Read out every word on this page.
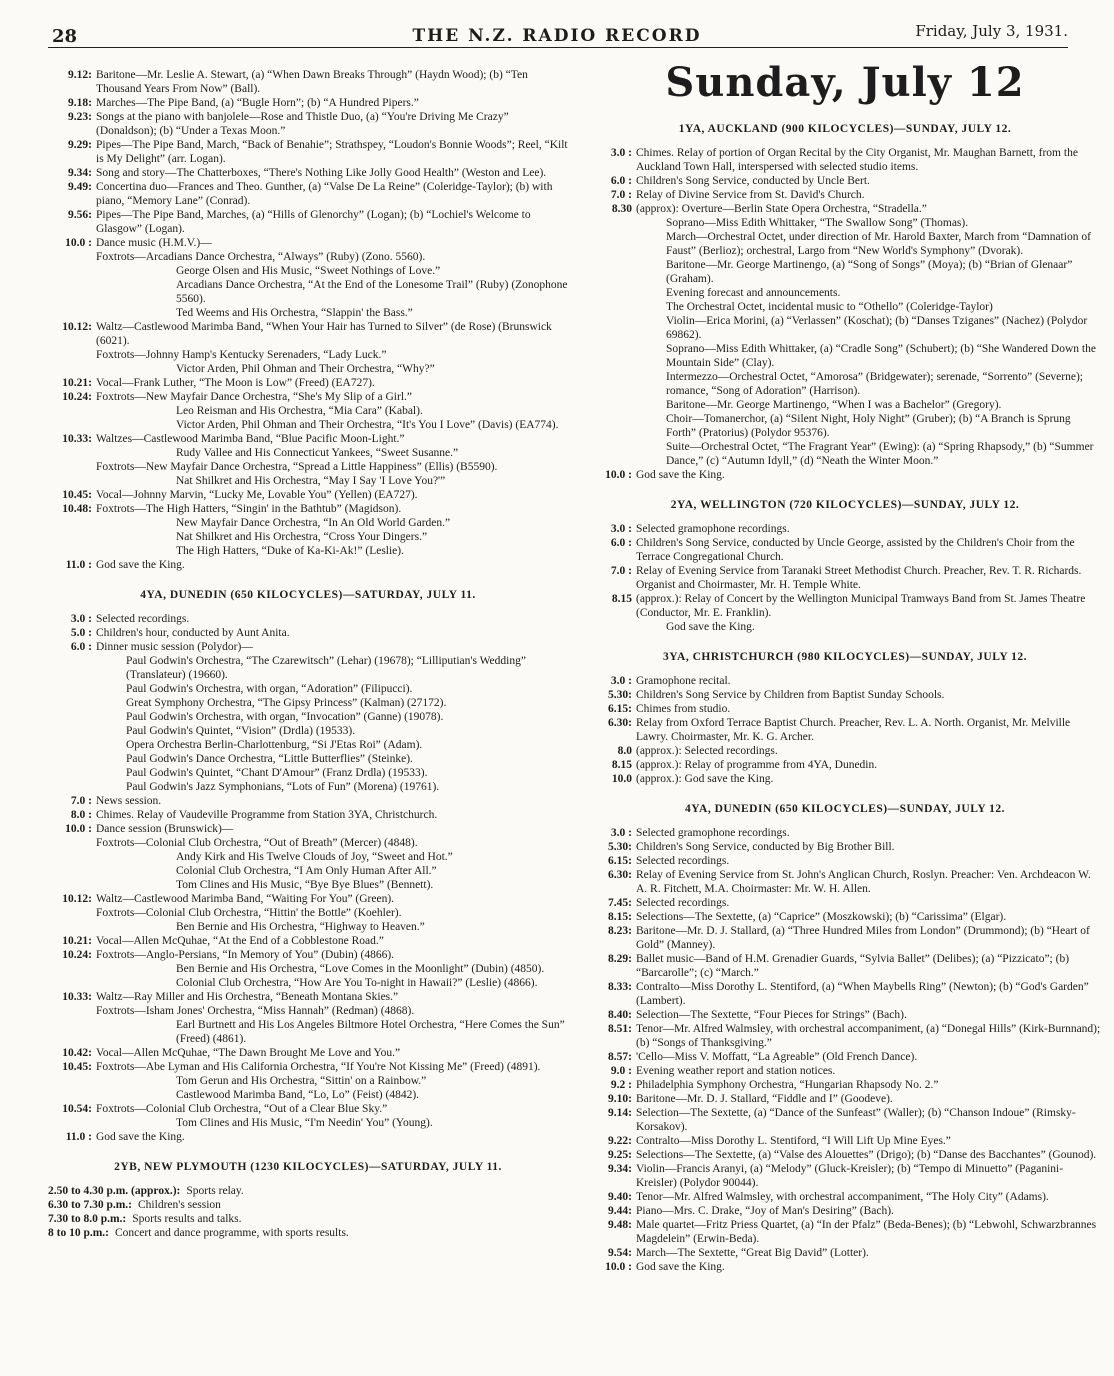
28	THE N.Z. RADIO RECORD	Friday, July 3, 1931.
9.12: Baritone—Mr. Leslie A. Stewart, (a) “When Dawn Breaks Through” (Haydn Wood); (b) “Ten Thousand Years From Now” (Ball).
9.18: Marches—The Pipe Band, (a) “Bugle Horn”; (b) “A Hundred Pipers.”
9.23: Songs at the piano with banjolele—Rose and Thistle Duo, (a) “You're Driving Me Crazy” (Donaldson); (b) “Under a Texas Moon.”
9.29: Pipes—The Pipe Band, March, “Back of Benahie”; Strathspey, “Loudon's Bonnie Woods”; Reel, “Kilt is My Delight” (arr. Logan).
9.34: Song and story—The Chatterboxes, “There's Nothing Like Jolly Good Health” (Weston and Lee).
9.49: Concertina duo—Frances and Theo. Gunther, (a) “Valse De La Reine” (Coleridge-Taylor); (b) with piano, “Memory Lane” (Conrad).
9.56: Pipes—The Pipe Band, Marches, (a) “Hills of Glenorchy” (Logan); (b) “Lochiel's Welcome to Glasgow” (Logan).
10.0 : Dance music (H.M.V.)—
Foxtrots—Arcadians Dance Orchestra, “Always” (Ruby) (Zono. 5560).
George Olsen and His Music, “Sweet Nothings of Love.”
Arcadians Dance Orchestra, “At the End of the Lonesome Trail” (Ruby) (Zonophone 5560).
Ted Weems and His Orchestra, “Slappin' the Bass.”
10.12: Waltz—Castlewood Marimba Band, “When Your Hair has Turned to Silver” (de Rose) (Brunswick (6021).
Foxtrots—Johnny Hamp's Kentucky Serenaders, “Lady Luck.”
Victor Arden, Phil Ohman and Their Orchestra, “Why?”
10.21: Vocal—Frank Luther, “The Moon is Low” (Freed) (EA727).
10.24: Foxtrots—New Mayfair Dance Orchestra, “She's My Slip of a Girl.”
Leo Reisman and His Orchestra, “Mia Cara” (Kabal).
Victor Arden, Phil Ohman and Their Orchestra, “It's You I Love” (Davis) (EA774).
10.33: Waltzes—Castlewood Marimba Band, “Blue Pacific Moon-Light.”
Rudy Vallee and His Connecticut Yankees, “Sweet Susanne.”
Foxtrots—New Mayfair Dance Orchestra, “Spread a Little Happiness” (Ellis) (B5590).
Nat Shilkret and His Orchestra, “May I Say 'I Love You?'”
10.45: Vocal—Johnny Marvin, “Lucky Me, Lovable You” (Yellen) (EA727).
10.48: Foxtrots—The High Hatters, “Singin' in the Bathtub” (Magidson).
New Mayfair Dance Orchestra, “In An Old World Garden.”
Nat Shilkret and His Orchestra, “Cross Your Dingers.”
The High Hatters, “Duke of Ka-Ki-Ak!” (Leslie).
11.0 : God save the King.
4YA, DUNEDIN (650 KILOCYCLES)—SATURDAY, JULY 11.
3.0 : Selected recordings.
5.0 : Children's hour, conducted by Aunt Anita.
6.0 : Dinner music session (Polydor)—
Paul Godwin's Orchestra, “The Czarewitsch” (Lehar) (19678); “Lilliputian's Wedding” (Translateur) (19660).
Paul Godwin's Orchestra, with organ, “Adoration” (Filipucci).
Great Symphony Orchestra, “The Gipsy Princess” (Kalman) (27172).
Paul Godwin's Orchestra, with organ, “Invocation” (Ganne) (19078).
Paul Godwin's Quintet, “Vision” (Drdla) (19533).
Opera Orchestra Berlin-Charlottenburg, “Si J'Etas Roi” (Adam).
Paul Godwin's Dance Orchestra, “Little Butterflies” (Steinke).
Paul Godwin's Quintet, “Chant D'Amour” (Franz Drdla) (19533).
Paul Godwin's Jazz Symphonians, “Lots of Fun” (Morena) (19761).
7.0 : News session.
8.0 : Chimes. Relay of Vaudeville Programme from Station 3YA, Christchurch.
10.0 : Dance session (Brunswick)—
Foxtrots—Colonial Club Orchestra, “Out of Breath” (Mercer) (4848).
Andy Kirk and His Twelve Clouds of Joy, “Sweet and Hot.”
Colonial Club Orchestra, “I Am Only Human After All.”
Tom Clines and His Music, “Bye Bye Blues” (Bennett).
10.12: Waltz—Castlewood Marimba Band, “Waiting For You” (Green).
Foxtrots—Colonial Club Orchestra, “Hittin' the Bottle” (Koehler).
Ben Bernie and His Orchestra, “Highway to Heaven.”
10.21: Vocal—Allen McQuhae, “At the End of a Cobblestone Road.”
10.24: Foxtrots—Anglo-Persians, “In Memory of You” (Dubin) (4866).
Ben Bernie and His Orchestra, “Love Comes in the Moonlight” (Dubin) (4850).
Colonial Club Orchestra, “How Are You To-night in Hawaii?” (Leslie) (4866).
10.33: Waltz—Ray Miller and His Orchestra, “Beneath Montana Skies.”
Foxtrots—Isham Jones' Orchestra, “Miss Hannah” (Redman) (4868).
Earl Burtnett and His Los Angeles Biltmore Hotel Orchestra, “Here Comes the Sun” (Freed) (4861).
10.42: Vocal—Allen McQuhae, “The Dawn Brought Me Love and You.”
10.45: Foxtrots—Abe Lyman and His California Orchestra, “If You're Not Kissing Me” (Freed) (4891).
Tom Gerun and His Orchestra, “Sittin' on a Rainbow.”
Castlewood Marimba Band, “Lo, Lo” (Feist) (4842).
10.54: Foxtrots—Colonial Club Orchestra, “Out of a Clear Blue Sky.”
Tom Clines and His Music, “I'm Needin' You” (Young).
11.0 : God save the King.
2YB, NEW PLYMOUTH (1230 KILOCYCLES)—SATURDAY, JULY 11.
2.50 to 4.30 p.m. (approx.): Sports relay.
6.30 to 7.30 p.m.: Children's session
7.30 to 8.0 p.m.: Sports results and talks.
8 to 10 p.m.: Concert and dance programme, with sports results.
Sunday, July 12
1YA, AUCKLAND (900 KILOCYCLES)—SUNDAY, JULY 12.
3.0 : Chimes. Relay of portion of Organ Recital by the City Organist, Mr. Maughan Barnett, from the Auckland Town Hall, interspersed with selected studio items.
6.0 : Children's Song Service, conducted by Uncle Bert.
7.0 : Relay of Divine Service from St. David's Church.
8.30 (approx): Overture—Berlin State Opera Orchestra, “Stradella.”
Soprano—Miss Edith Whittaker, “The Swallow Song” (Thomas).
March—Orchestral Octet, under direction of Mr. Harold Baxter, March from “Damnation of Faust” (Berlioz); orchestral, Largo from “New World's Symphony” (Dvorak).
Baritone—Mr. George Martinengo, (a) “Song of Songs” (Moya); (b) “Brian of Glenaar” (Graham).
Evening forecast and announcements.
The Orchestral Octet, incidental music to “Othello” (Coleridge-Taylor)
Violin—Erica Morini, (a) “Verlassen” (Koschat); (b) “Danses Tziganes” (Nachez) (Polydor 69862).
Soprano—Miss Edith Whittaker, (a) “Cradle Song” (Schubert); (b) “She Wandered Down the Mountain Side” (Clay).
Intermezzo—Orchestral Octet, “Amorosa” (Bridgewater); serenade, “Sorrento” (Severne); romance, “Song of Adoration” (Harrison).
Baritone—Mr. George Martinengo, “When I was a Bachelor” (Gregory).
Choir—Tomanerchor, (a) “Silent Night, Holy Night” (Gruber); (b) “A Branch is Sprung Forth” (Pratorius) (Polydor 95376).
Suite—Orchestral Octet, “The Fragrant Year” (Ewing): (a) “Spring Rhapsody,” (b) “Summer Dance,” (c) “Autumn Idyll,” (d) “Neath the Winter Moon.”
10.0 : God save the King.
2YA, WELLINGTON (720 KILOCYCLES)—SUNDAY, JULY 12.
3.0 : Selected gramophone recordings.
6.0 : Children's Song Service, conducted by Uncle George, assisted by the Children's Choir from the Terrace Congregational Church.
7.0 : Relay of Evening Service from Taranaki Street Methodist Church. Preacher, Rev. T. R. Richards. Organist and Choirmaster, Mr. H. Temple White.
8.15 (approx.): Relay of Concert by the Wellington Municipal Tramways Band from St. James Theatre (Conductor, Mr. E. Franklin).
God save the King.
3YA, CHRISTCHURCH (980 KILOCYCLES)—SUNDAY, JULY 12.
3.0 : Gramophone recital.
5.30: Children's Song Service by Children from Baptist Sunday Schools.
6.15: Chimes from studio.
6.30: Relay from Oxford Terrace Baptist Church. Preacher, Rev. L. A. North. Organist, Mr. Melville Lawry. Choirmaster, Mr. K. G. Archer.
8.0 (approx.): Selected recordings.
8.15 (approx.): Relay of programme from 4YA, Dunedin.
10.0 (approx.): God save the King.
4YA, DUNEDIN (650 KILOCYCLES)—SUNDAY, JULY 12.
3.0 : Selected gramophone recordings.
5.30: Children's Song Service, conducted by Big Brother Bill.
6.15: Selected recordings.
6.30: Relay of Evening Service from St. John's Anglican Church, Roslyn. Preacher: Ven. Archdeacon W. A. R. Fitchett, M.A. Choirmaster: Mr. W. H. Allen.
7.45: Selected recordings.
8.15: Selections—The Sextette, (a) “Caprice” (Moszkowski); (b) “Carissima” (Elgar).
8.23: Baritone—Mr. D. J. Stallard, (a) “Three Hundred Miles from London” (Drummond); (b) “Heart of Gold” (Manney).
8.29: Ballet music—Band of H.M. Grenadier Guards, “Sylvia Ballet” (Delibes); (a) “Pizzicato”; (b) “Barcarolle”; (c) “March.”
8.33: Contralto—Miss Dorothy L. Stentiford, (a) “When Maybells Ring” (Newton); (b) “God's Garden” (Lambert).
8.40: Selection—The Sextette, “Four Pieces for Strings” (Bach).
8.51: Tenor—Mr. Alfred Walmsley, with orchestral accompaniment, (a) “Donegal Hills” (Kirk-Burnnand); (b) “Songs of Thanksgiving.”
8.57: 'Cello—Miss V. Moffatt, “La Agreable” (Old French Dance).
9.0 : Evening weather report and station notices.
9.2 : Philadelphia Symphony Orchestra, “Hungarian Rhapsody No. 2.”
9.10: Baritone—Mr. D. J. Stallard, “Fiddle and I” (Goodeve).
9.14: Selection—The Sextette, (a) “Dance of the Sunfeast” (Waller); (b) “Chanson Indoue” (Rimsky-Korsakov).
9.22: Contralto—Miss Dorothy L. Stentiford, “I Will Lift Up Mine Eyes.”
9.25: Selections—The Sextette, (a) “Valse des Alouettes” (Drigo); (b) “Danse des Bacchantes” (Gounod).
9.34: Violin—Francis Aranyi, (a) “Melody” (Gluck-Kreisler); (b) “Tempo di Minuetto” (Paganini-Kreisler) (Polydor 90044).
9.40: Tenor—Mr. Alfred Walmsley, with orchestral accompaniment, “The Holy City” (Adams).
9.44: Piano—Mrs. C. Drake, “Joy of Man's Desiring” (Bach).
9.48: Male quartet—Fritz Priess Quartet, (a) “In der Pfalz” (Beda-Benes); (b) “Lebwohl, Schwarzbrannes Magdelein” (Erwin-Beda).
9.54: March—The Sextette, “Great Big David” (Lotter).
10.0 : God save the King.
